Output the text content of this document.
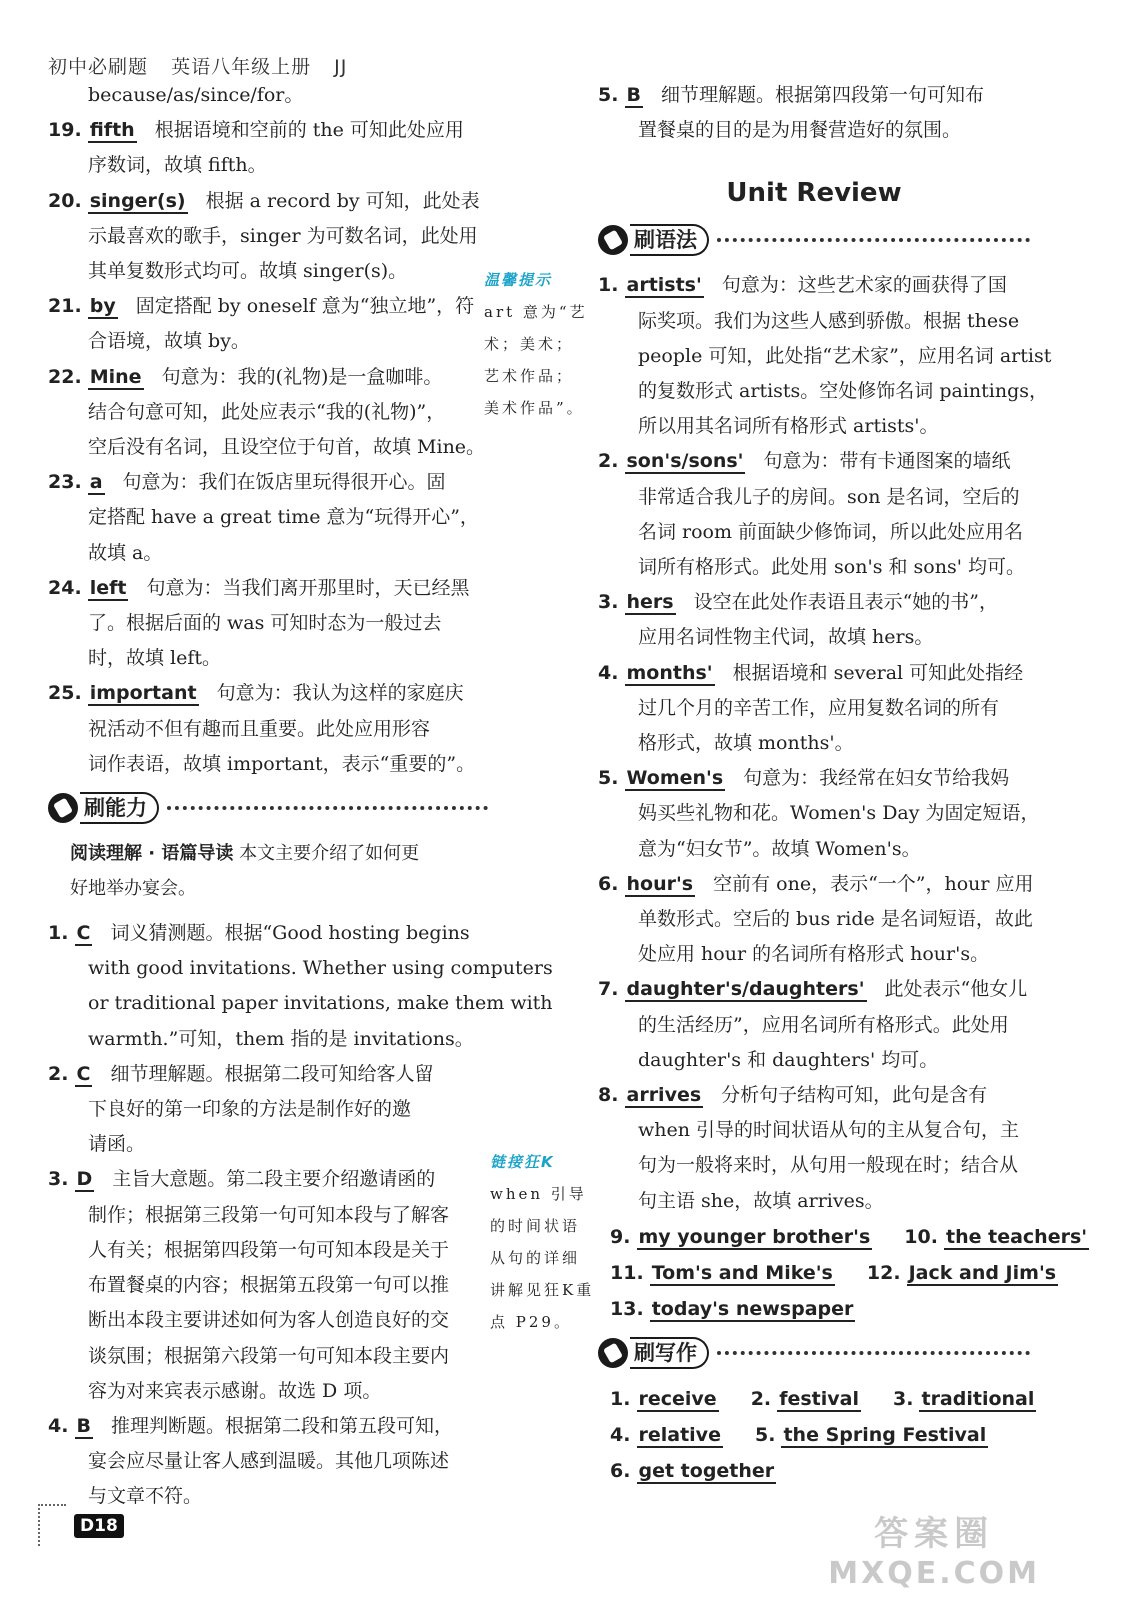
初中必刷题 英语八年级上册 JJ
because/as/since/for。
19. fifth 根据语境和空前的 the 可知此处应用
序数词，故填 fifth。
20. singer(s) 根据 a record by 可知，此处表
示最喜欢的歌手，singer 为可数名词，此处用
其单复数形式均可。故填 singer(s)。
21. by 固定搭配 by oneself 意为“独立地”，符
合语境，故填 by。
22. Mine 句意为：我的(礼物)是一盒咖啡。
结合句意可知，此处应表示“我的(礼物)”，
空后没有名词，且设空位于句首，故填 Mine。
23. a 句意为：我们在饭店里玩得很开心。固
定搭配 have a great time 意为“玩得开心”，
故填 a。
24. left 句意为：当我们离开那里时，天已经黑
了。根据后面的 was 可知时态为一般过去
时，故填 left。
25. important 句意为：我认为这样的家庭庆
祝活动不但有趣而且重要。此处应用形容
词作表语，故填 important，表示“重要的”。
刷能力
阅读理解 · 语篇导读 本文主要介绍了如何更
好地举办宴会。
1. C 词义猜测题。根据“Good hosting begins
with good invitations. Whether using computers
or traditional paper invitations, make them with
warmth.”可知，them 指的是 invitations。
2. C 细节理解题。根据第二段可知给客人留
下良好的第一印象的方法是制作好的邀
请函。
3. D 主旨大意题。第二段主要介绍邀请函的
制作；根据第三段第一句可知本段与了解客
人有关；根据第四段第一句可知本段是关于
布置餐桌的内容；根据第五段第一句可以推
断出本段主要讲述如何为客人创造良好的交
谈氛围；根据第六段第一句可知本段主要内
容为对来宾表示感谢。故选 D 项。
4. B 推理判断题。根据第二段和第五段可知，
宴会应尽量让客人感到温暖。其他几项陈述
与文章不符。
5. B 细节理解题。根据第四段第一句可知布
置餐桌的目的是为用餐营造好的氛围。
Unit Review
刷语法
1. artists' 句意为：这些艺术家的画获得了国
际奖项。我们为这些人感到骄傲。根据 these
people 可知，此处指“艺术家”，应用名词 artist
的复数形式 artists。空处修饰名词 paintings，
所以用其名词所有格形式 artists'。
2. son's/sons' 句意为：带有卡通图案的墙纸
非常适合我儿子的房间。son 是名词，空后的
名词 room 前面缺少修饰词，所以此处应用名
词所有格形式。此处用 son's 和 sons' 均可。
3. hers 设空在此处作表语且表示“她的书”，
应用名词性物主代词，故填 hers。
4. months' 根据语境和 several 可知此处指经
过几个月的辛苦工作，应用复数名词的所有
格形式，故填 months'。
5. Women's 句意为：我经常在妇女节给我妈
妈买些礼物和花。Women's Day 为固定短语，
意为“妇女节”。故填 Women's。
6. hour's 空前有 one，表示“一个”，hour 应用
单数形式。空后的 bus ride 是名词短语，故此
处应用 hour 的名词所有格形式 hour's。
7. daughter's/daughters' 此处表示“他女儿
的生活经历”，应用名词所有格形式。此处用
daughter's 和 daughters' 均可。
8. arrives 分析句子结构可知，此句是含有
when 引导的时间状语从句的主从复合句，主
句为一般将来时，从句用一般现在时；结合从
句主语 she，故填 arrives。
9. my younger brother's 10. the teachers'
11. Tom's and Mike's 12. Jack and Jim's
13. today's newspaper
刷写作
1. receive 2. festival 3. traditional
4. relative 5. the Spring Festival
6. get together
温馨提示
art 意为“艺术；美术；艺术作品；美术作品”。
链接狂K
when 引导的时间状语从句的详细讲解见狂K重点 P29。
D18	答案圈
MXQE.COM
